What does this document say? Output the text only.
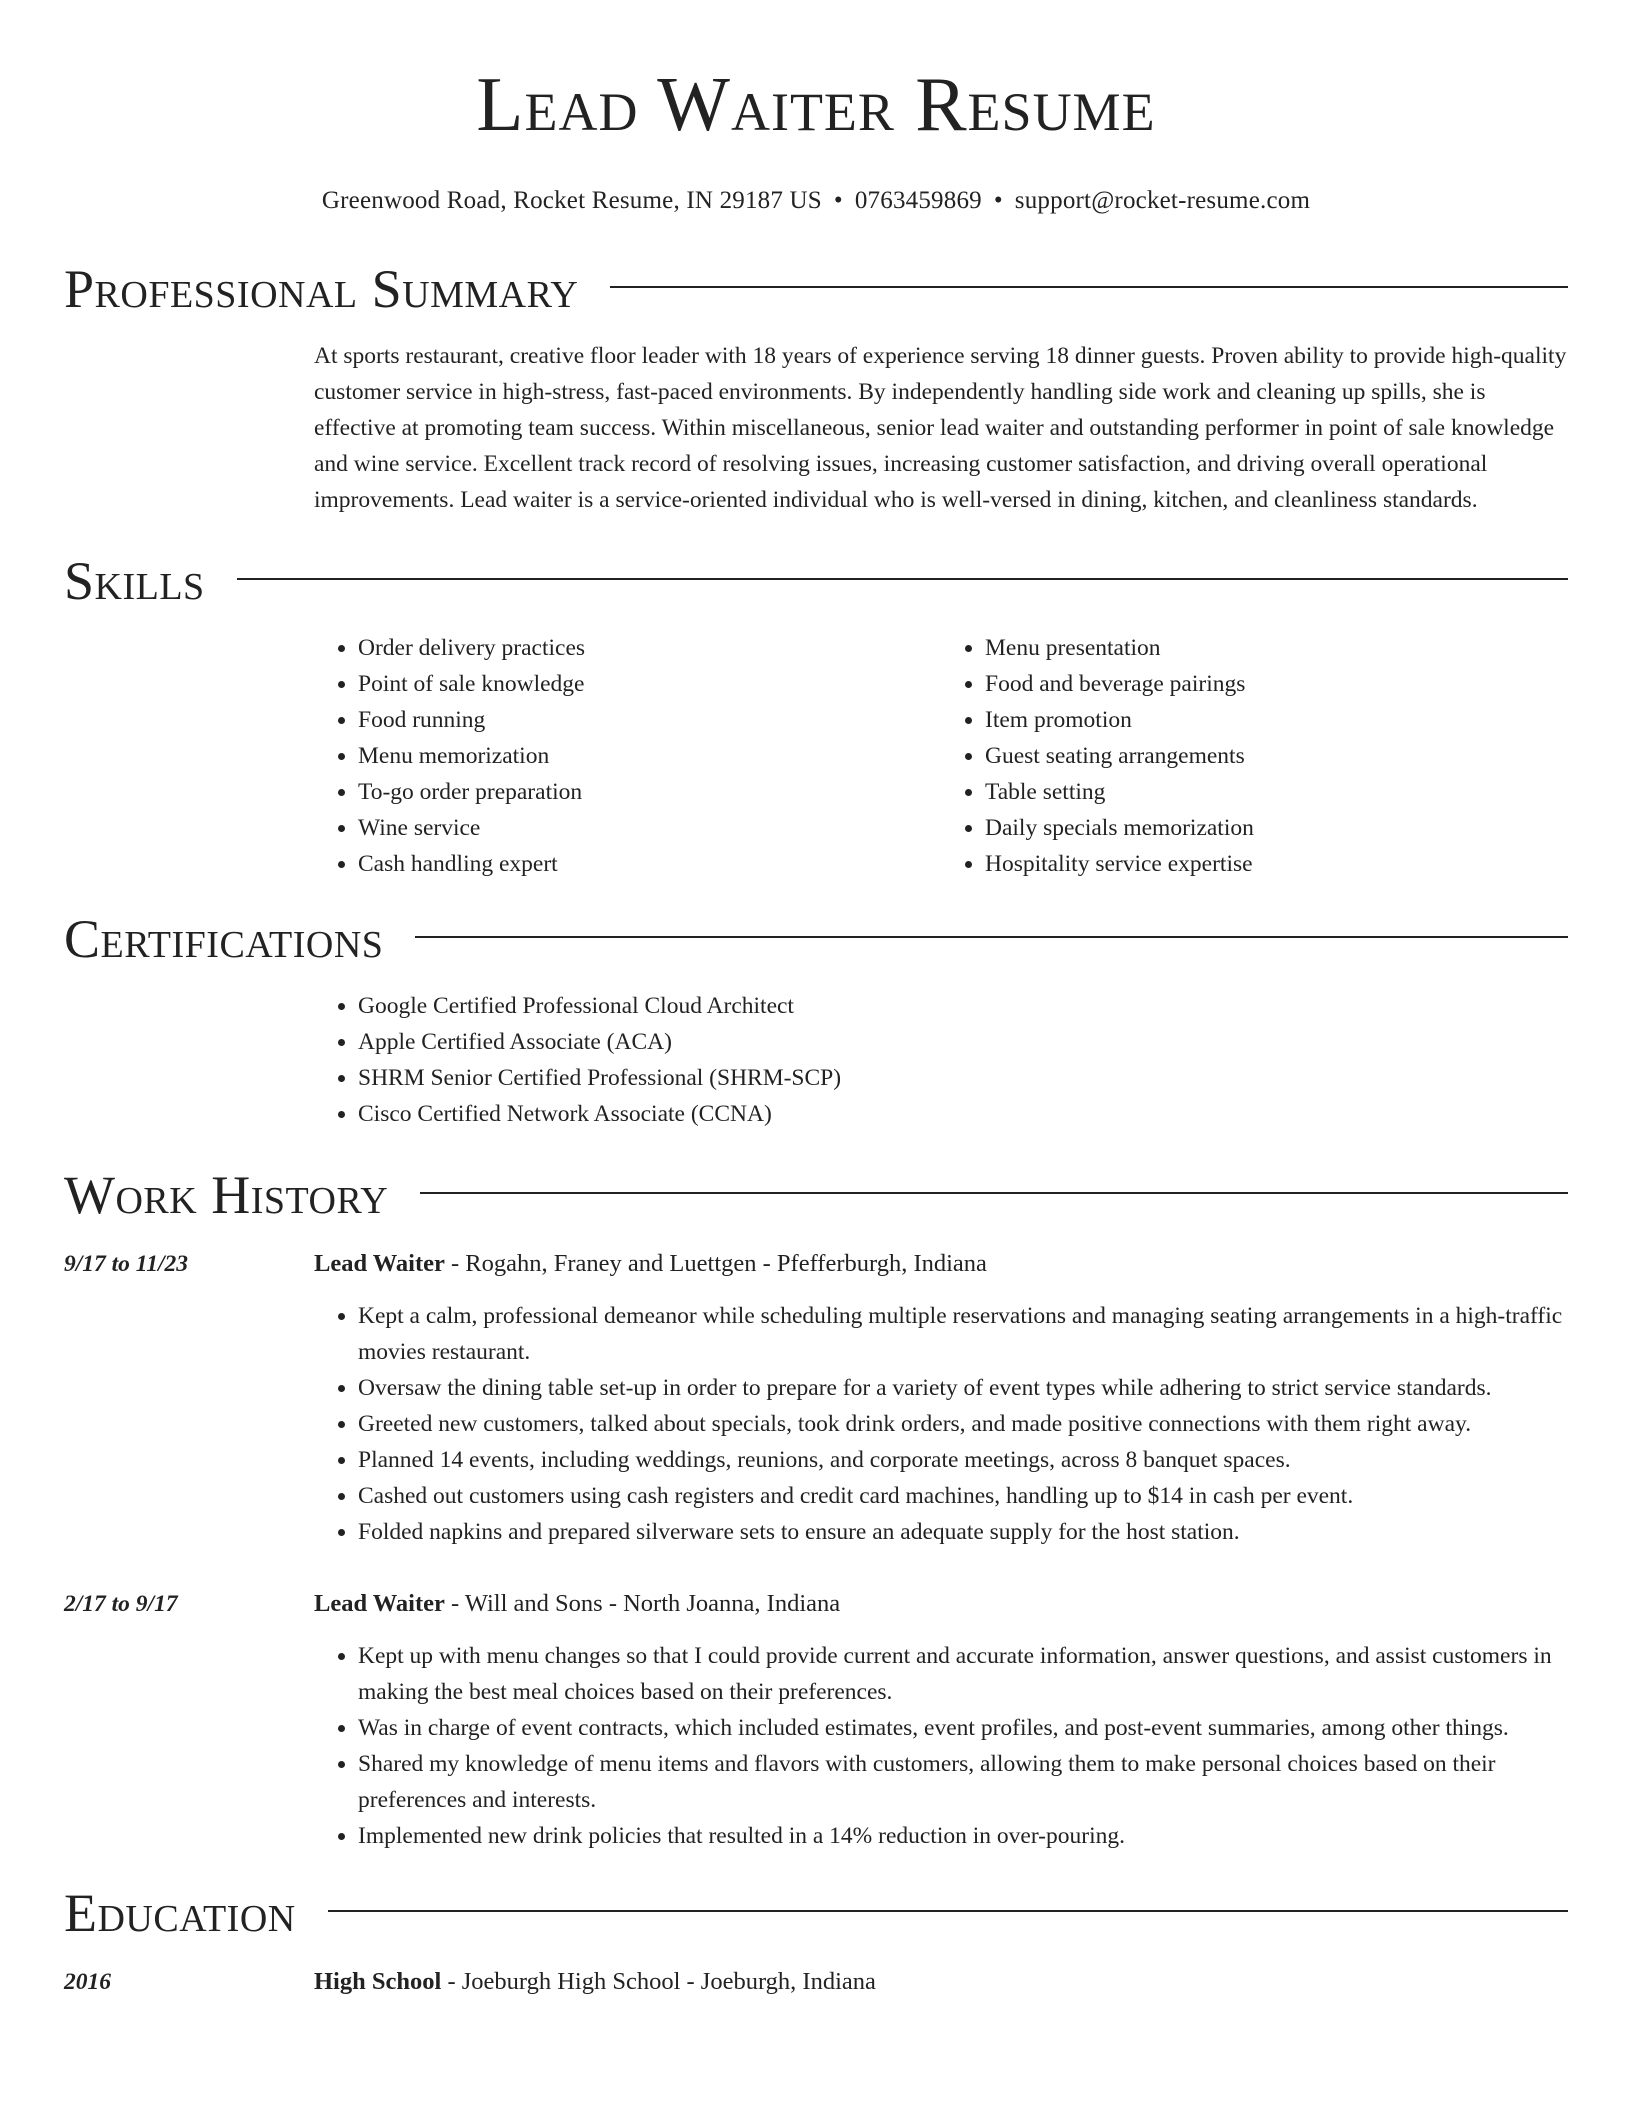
Lead Waiter Resume
Greenwood Road, Rocket Resume, IN 29187 US • 0763459869 • support@rocket-resume.com
Professional Summary

At sports restaurant, creative floor leader with 18 years of experience serving 18 dinner guests. Proven ability to provide high-quality customer service in high-stress, fast-paced environments. By independently handling side work and cleaning up spills, she is effective at promoting team success. Within miscellaneous, senior lead waiter and outstanding performer in point of sale knowledge and wine service. Excellent track record of resolving issues, increasing customer satisfaction, and driving overall operational improvements. Lead waiter is a service-oriented individual who is well-versed in dining, kitchen, and cleanliness standards.

Skills
• Order delivery practices
• Point of sale knowledge
• Food running
• Menu memorization
• To-go order preparation
• Wine service
• Cash handling expert
• Menu presentation
• Food and beverage pairings
• Item promotion
• Guest seating arrangements
• Table setting
• Daily specials memorization
• Hospitality service expertise
Certifications
• Google Certified Professional Cloud Architect
• Apple Certified Associate (ACA)
• SHRM Senior Certified Professional (SHRM-SCP)
• Cisco Certified Network Associate (CCNA)
Work History
9/17 to 11/23	Lead Waiter - Rogahn, Franey and Luettgen - Pfefferburgh, Indiana
• Kept a calm, professional demeanor while scheduling multiple reservations and managing seating arrangements in a high-traffic movies restaurant.
• Oversaw the dining table set-up in order to prepare for a variety of event types while adhering to strict service standards.
• Greeted new customers, talked about specials, took drink orders, and made positive connections with them right away.
• Planned 14 events, including weddings, reunions, and corporate meetings, across 8 banquet spaces.
• Cashed out customers using cash registers and credit card machines, handling up to $14 in cash per event.
• Folded napkins and prepared silverware sets to ensure an adequate supply for the host station.
2/17 to 9/17	Lead Waiter - Will and Sons - North Joanna, Indiana
• Kept up with menu changes so that I could provide current and accurate information, answer questions, and assist customers in making the best meal choices based on their preferences.
• Was in charge of event contracts, which included estimates, event profiles, and post-event summaries, among other things.
• Shared my knowledge of menu items and flavors with customers, allowing them to make personal choices based on their preferences and interests.
• Implemented new drink policies that resulted in a 14% reduction in over-pouring.
Education
2016	High School - Joeburgh High School - Joeburgh, Indiana
